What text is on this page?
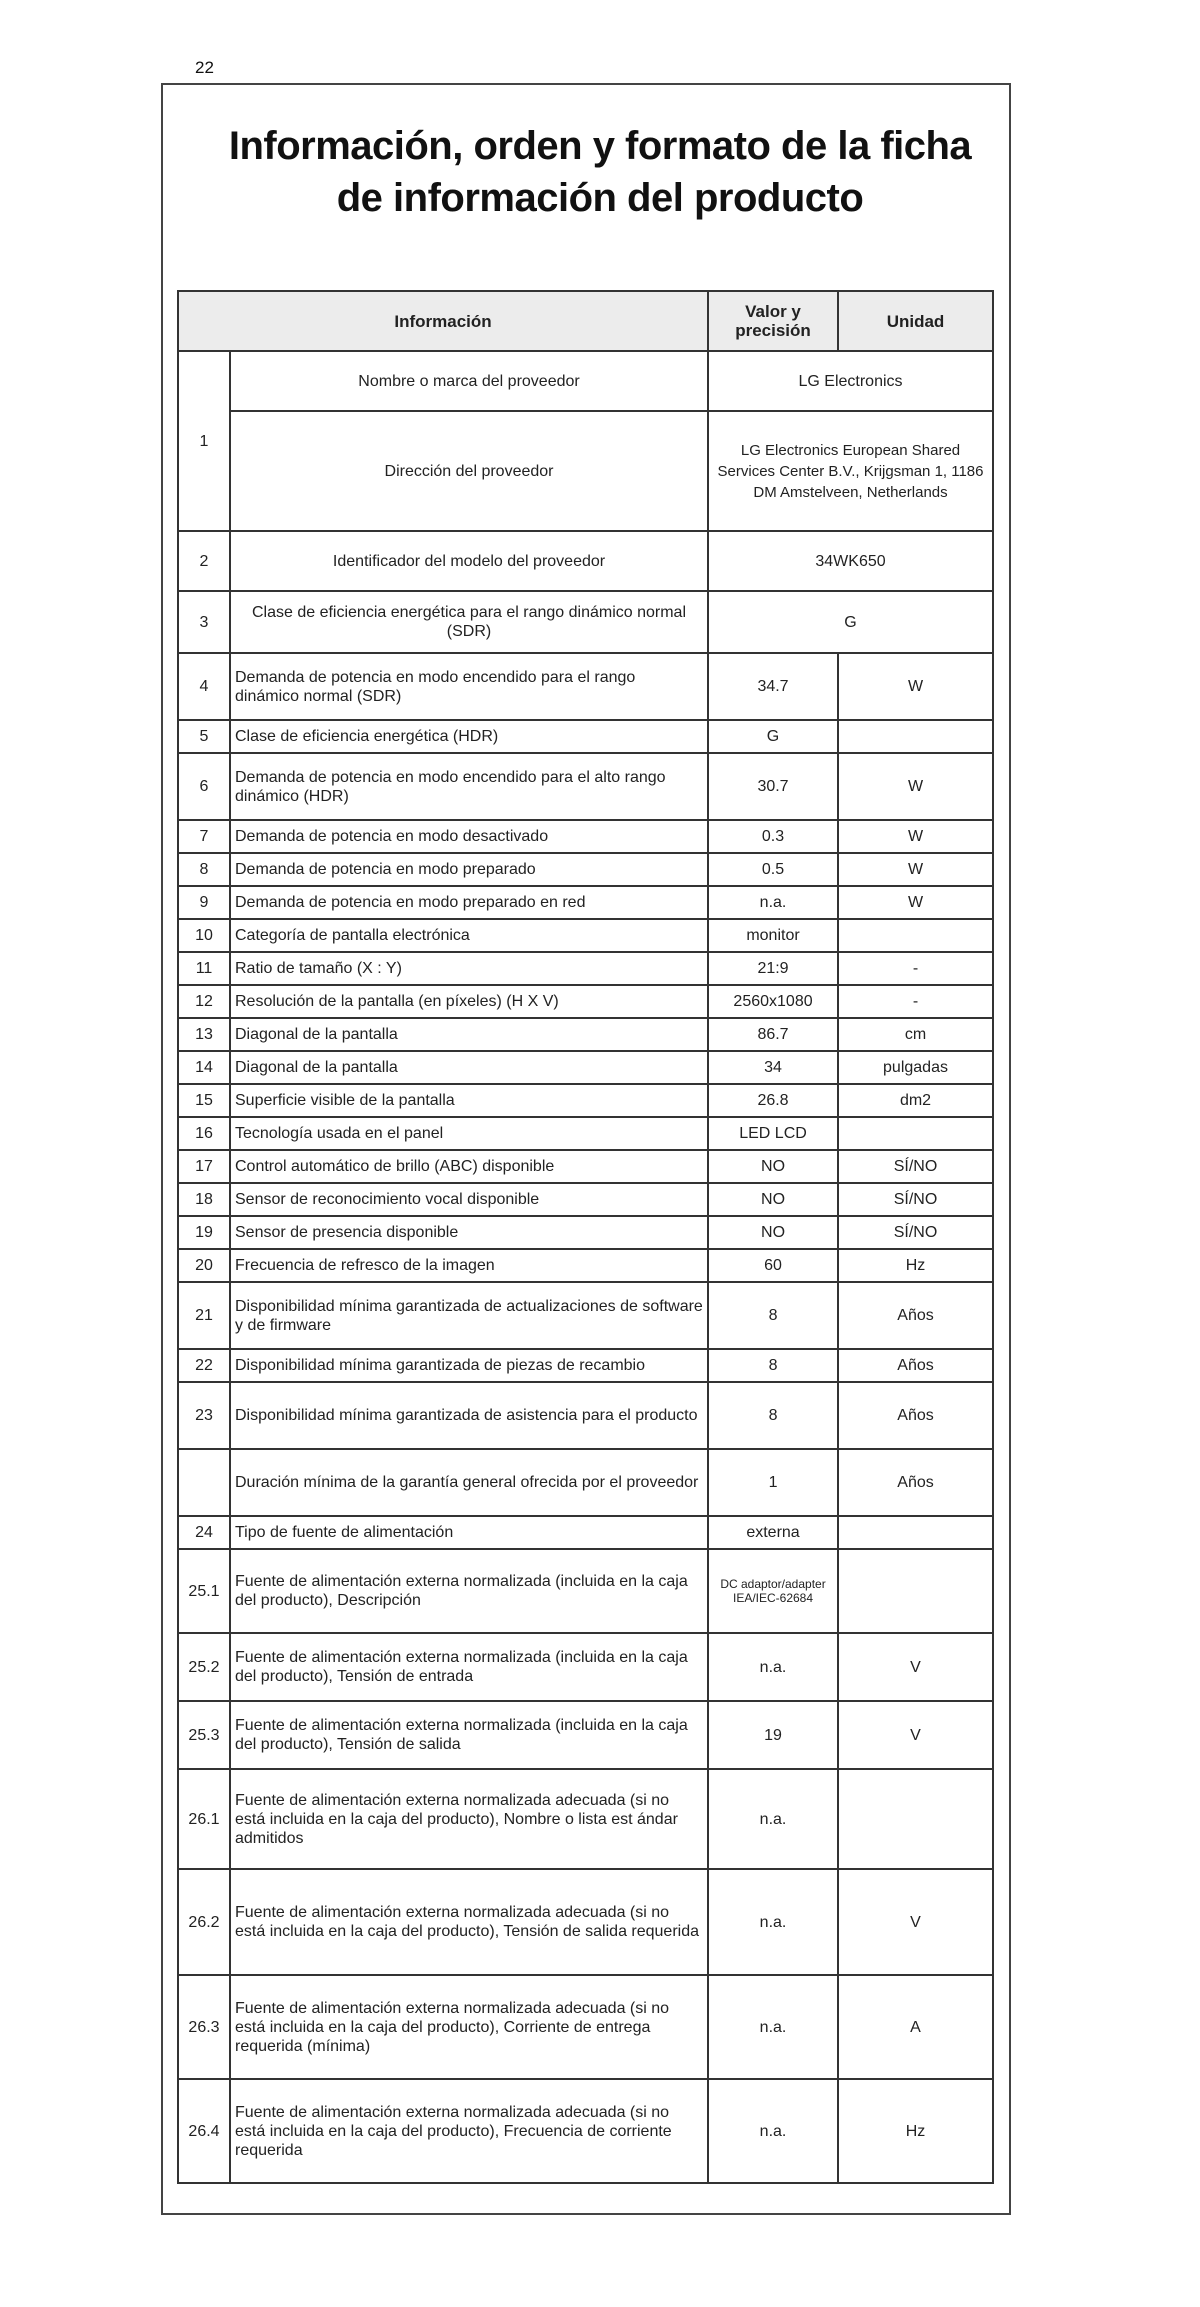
22
Información, orden y formato de la ficha
de información del producto
Información		Valor y precisión	Unidad
1	Nombre o marca del proveedor	LG Electronics	
	Dirección del proveedor	LG Electronics European Shared Services Center B.V., Krijgsman 1, 1186 DM Amstelveen, Netherlands	
2	Identificador del modelo del proveedor	34WK650	
3	Clase de eficiencia energética para el rango dinámico normal (SDR)	G	
4	Demanda de potencia en modo encendido para el rango dinámico normal (SDR)	34.7	W
5	Clase de eficiencia energética (HDR)	G	
6	Demanda de potencia en modo encendido para el alto rango dinámico (HDR)	30.7	W
7	Demanda de potencia en modo desactivado	0.3	W
8	Demanda de potencia en modo preparado	0.5	W
9	Demanda de potencia en modo preparado en red	n.a.	W
10	Categoría de pantalla electrónica	monitor	
11	Ratio de tamaño (X : Y)	21:9	-
12	Resolución de la pantalla (en píxeles) (H X V)	2560x1080	-
13	Diagonal de la pantalla	86.7	cm
14	Diagonal de la pantalla	34	pulgadas
15	Superficie visible de la pantalla	26.8	dm2
16	Tecnología usada en el panel	LED LCD	
17	Control automático de brillo (ABC) disponible	NO	SÍ/NO
18	Sensor de reconocimiento vocal disponible	NO	SÍ/NO
19	Sensor de presencia disponible	NO	SÍ/NO
20	Frecuencia de refresco de la imagen	60	Hz
21	Disponibilidad mínima garantizada de actualizaciones de software y de firmware	8	Años
22	Disponibilidad mínima garantizada de piezas de recambio	8	Años
23	Disponibilidad mínima garantizada de asistencia para el producto	8	Años
	Duración mínima de la garantía general ofrecida por el proveedor	1	Años
24	Tipo de fuente de alimentación	externa	
25.1	Fuente de alimentación externa normalizada (incluida en la caja del producto), Descripción	DC adaptor/adapter IEA/IEC-62684	
25.2	Fuente de alimentación externa normalizada (incluida en la caja del producto), Tensión de entrada	n.a.	V
25.3	Fuente de alimentación externa normalizada (incluida en la caja del producto), Tensión de salida	19	V
26.1	Fuente de alimentación externa normalizada adecuada (si no está incluida en la caja del producto), Nombre o lista est ándar admitidos	n.a.	
26.2	Fuente de alimentación externa normalizada adecuada (si no está incluida en la caja del producto), Tensión de salida requerida	n.a.	V
26.3	Fuente de alimentación externa normalizada adecuada (si no está incluida en la caja del producto), Corriente de entrega requerida (mínima)	n.a.	A
26.4	Fuente de alimentación externa normalizada adecuada (si no está incluida en la caja del producto), Frecuencia de corriente requerida	n.a.	Hz
